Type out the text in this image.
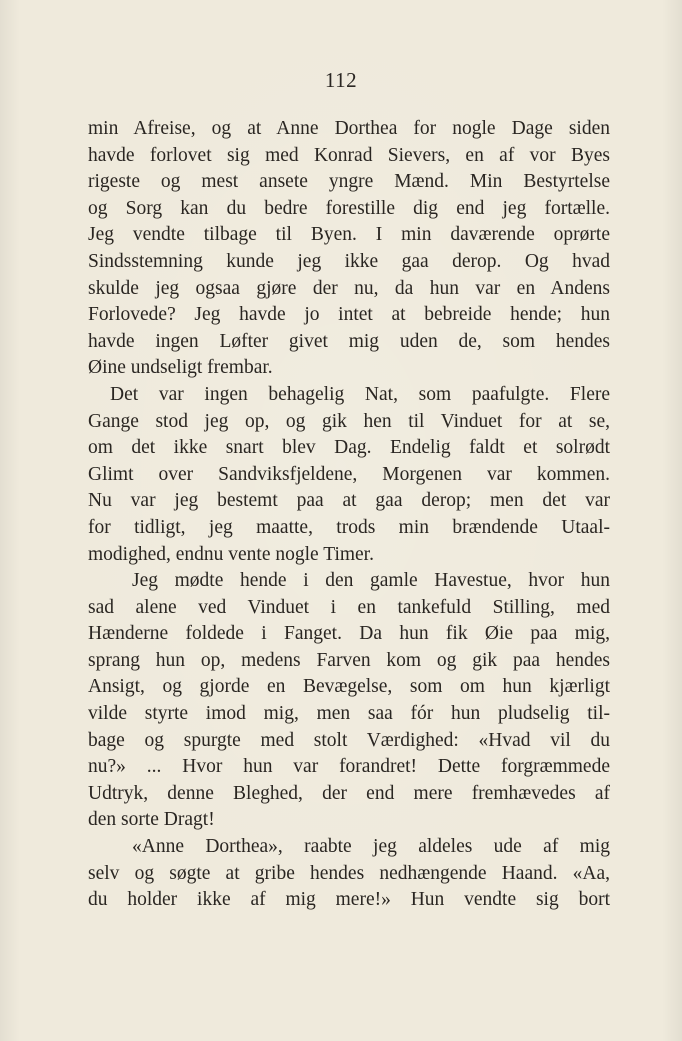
112
min Afreise, og at Anne Dorthea for nogle Dage siden
havde forlovet sig med Konrad Sievers, en af vor Byes
rigeste og mest ansete yngre Mænd. Min Bestyrtelse
og Sorg kan du bedre forestille dig end jeg fortælle.
Jeg vendte tilbage til Byen. I min daværende oprørte
Sindsstemning kunde jeg ikke gaa derop. Og hvad
skulde jeg ogsaa gjøre der nu, da hun var en Andens
Forlovede? Jeg havde jo intet at bebreide hende; hun
havde ingen Løfter givet mig uden de, som hendes
Øine undseligt frembar.
Det var ingen behagelig Nat, som paafulgte. Flere
Gange stod jeg op, og gik hen til Vinduet for at se,
om det ikke snart blev Dag. Endelig faldt et solrødt
Glimt over Sandviksfjeldene, Morgenen var kommen.
Nu var jeg bestemt paa at gaa derop; men det var
for tidligt, jeg maatte, trods min brændende Utaal-
modighed, endnu vente nogle Timer.
Jeg mødte hende i den gamle Havestue, hvor hun
sad alene ved Vinduet i en tankefuld Stilling, med
Hænderne foldede i Fanget. Da hun fik Øie paa mig,
sprang hun op, medens Farven kom og gik paa hendes
Ansigt, og gjorde en Bevægelse, som om hun kjærligt
vilde styrte imod mig, men saa fór hun pludselig til-
bage og spurgte med stolt Værdighed: «Hvad vil du
nu?» ... Hvor hun var forandret! Dette forgræmmede
Udtryk, denne Bleghed, der end mere fremhævedes af
den sorte Dragt!
«Anne Dorthea», raabte jeg aldeles ude af mig
selv og søgte at gribe hendes nedhængende Haand. «Aa,
du holder ikke af mig mere!» Hun vendte sig bort
